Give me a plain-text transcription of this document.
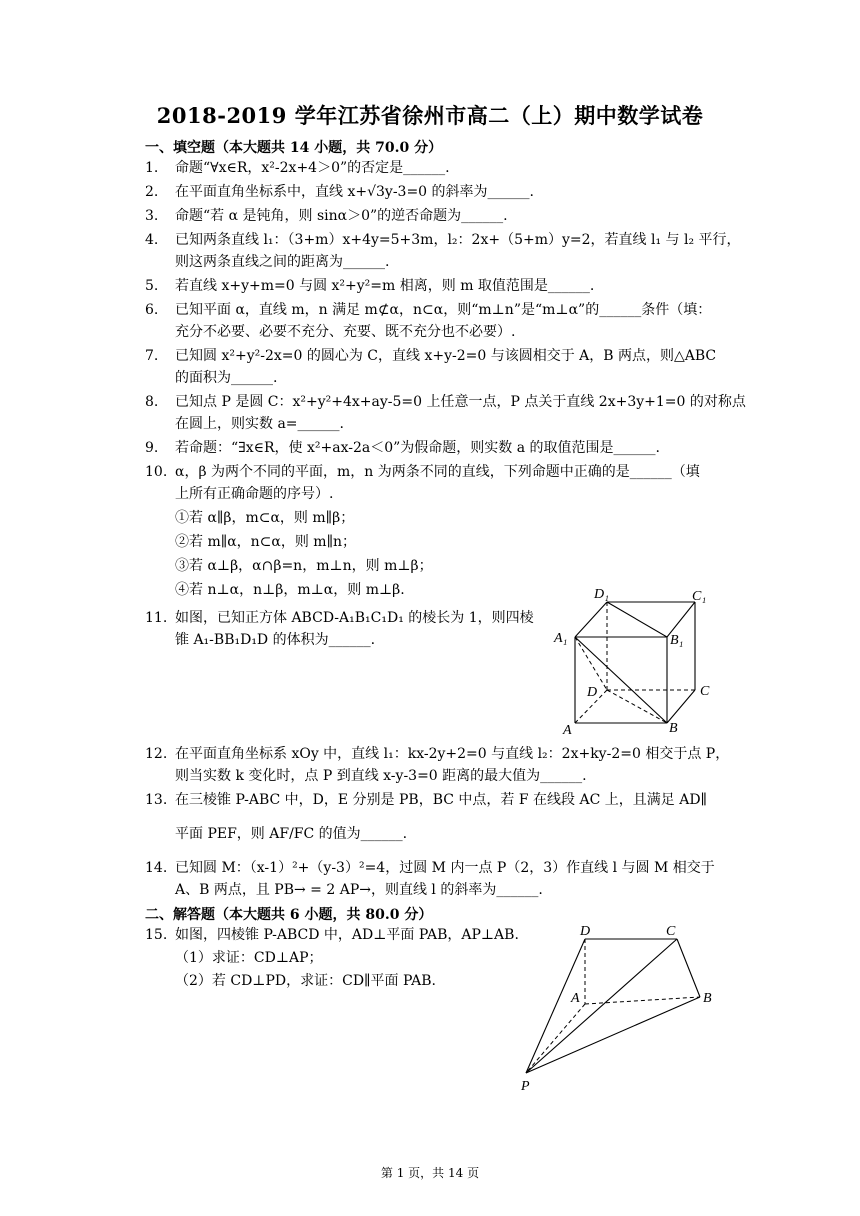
2018-2019 学年江苏省徐州市高二（上）期中数学试卷
一、填空题（本大题共 14 小题，共 70.0 分）
1. 命题“∀x∈R，x²-2x+4＞0”的否定是______.
2. 在平面直角坐标系中，直线 x+√3y-3=0 的斜率为______.
3. 命题“若 α 是钝角，则 sinα＞0”的逆否命题为______.
4. 已知两条直线 l₁：（3+m）x+4y=5+3m，l₂：2x+（5+m）y=2，若直线 l₁ 与 l₂ 平行，
则这两条直线之间的距离为______.
5. 若直线 x+y+m=0 与圆 x²+y²=m 相离，则 m 取值范围是______.
6. 已知平面 α，直线 m，n 满足 m⊄α，n⊂α，则“m⊥n”是“m⊥α”的______条件（填：
充分不必要、必要不充分、充要、既不充分也不必要）.
7. 已知圆 x²+y²-2x=0 的圆心为 C，直线 x+y-2=0 与该圆相交于 A，B 两点，则△ABC
的面积为______.
8. 已知点 P 是圆 C：x²+y²+4x+ay-5=0 上任意一点，P 点关于直线 2x+3y+1=0 的对称点
在圆上，则实数 a=______.
9. 若命题：“∃x∈R，使 x²+ax-2a＜0”为假命题，则实数 a 的取值范围是______.
10. α，β 为两个不同的平面，m，n 为两条不同的直线，下列命题中正确的是______（填
上所有正确命题的序号）.
①若 α∥β，m⊂α，则 m∥β；
②若 m∥α，n⊂α，则 m∥n；
③若 α⊥β，α∩β=n，m⊥n，则 m⊥β；
④若 n⊥α，n⊥β，m⊥α，则 m⊥β.
11. 如图，已知正方体 ABCD-A₁B₁C₁D₁ 的棱长为 1，则四棱
锥 A₁-BB₁D₁D 的体积为______.
D₁	C₁
A₁	B₁
D	C
A	B
12. 在平面直角坐标系 xOy 中，直线 l₁：kx-2y+2=0 与直线 l₂：2x+ky-2=0 相交于点 P，
则当实数 k 变化时，点 P 到直线 x-y-3=0 距离的最大值为______.
13. 在三棱锥 P-ABC 中，D，E 分别是 PB，BC 中点，若 F 在线段 AC 上，且满足 AD∥
平面 PEF，则 AF/FC 的值为______.
14. 已知圆 M：（x-1）²+（y-3）²=4，过圆 M 内一点 P（2，3）作直线 l 与圆 M 相交于
A、B 两点，且 PB→ = 2 AP→，则直线 l 的斜率为______.
二、解答题（本大题共 6 小题，共 80.0 分）
15. 如图，四棱锥 P-ABCD 中，AD⊥平面 PAB，AP⊥AB.
（1）求证：CD⊥AP；
（2）若 CD⊥PD，求证：CD∥平面 PAB.
D	C
A	B
P
第 1 页，共 14 页
